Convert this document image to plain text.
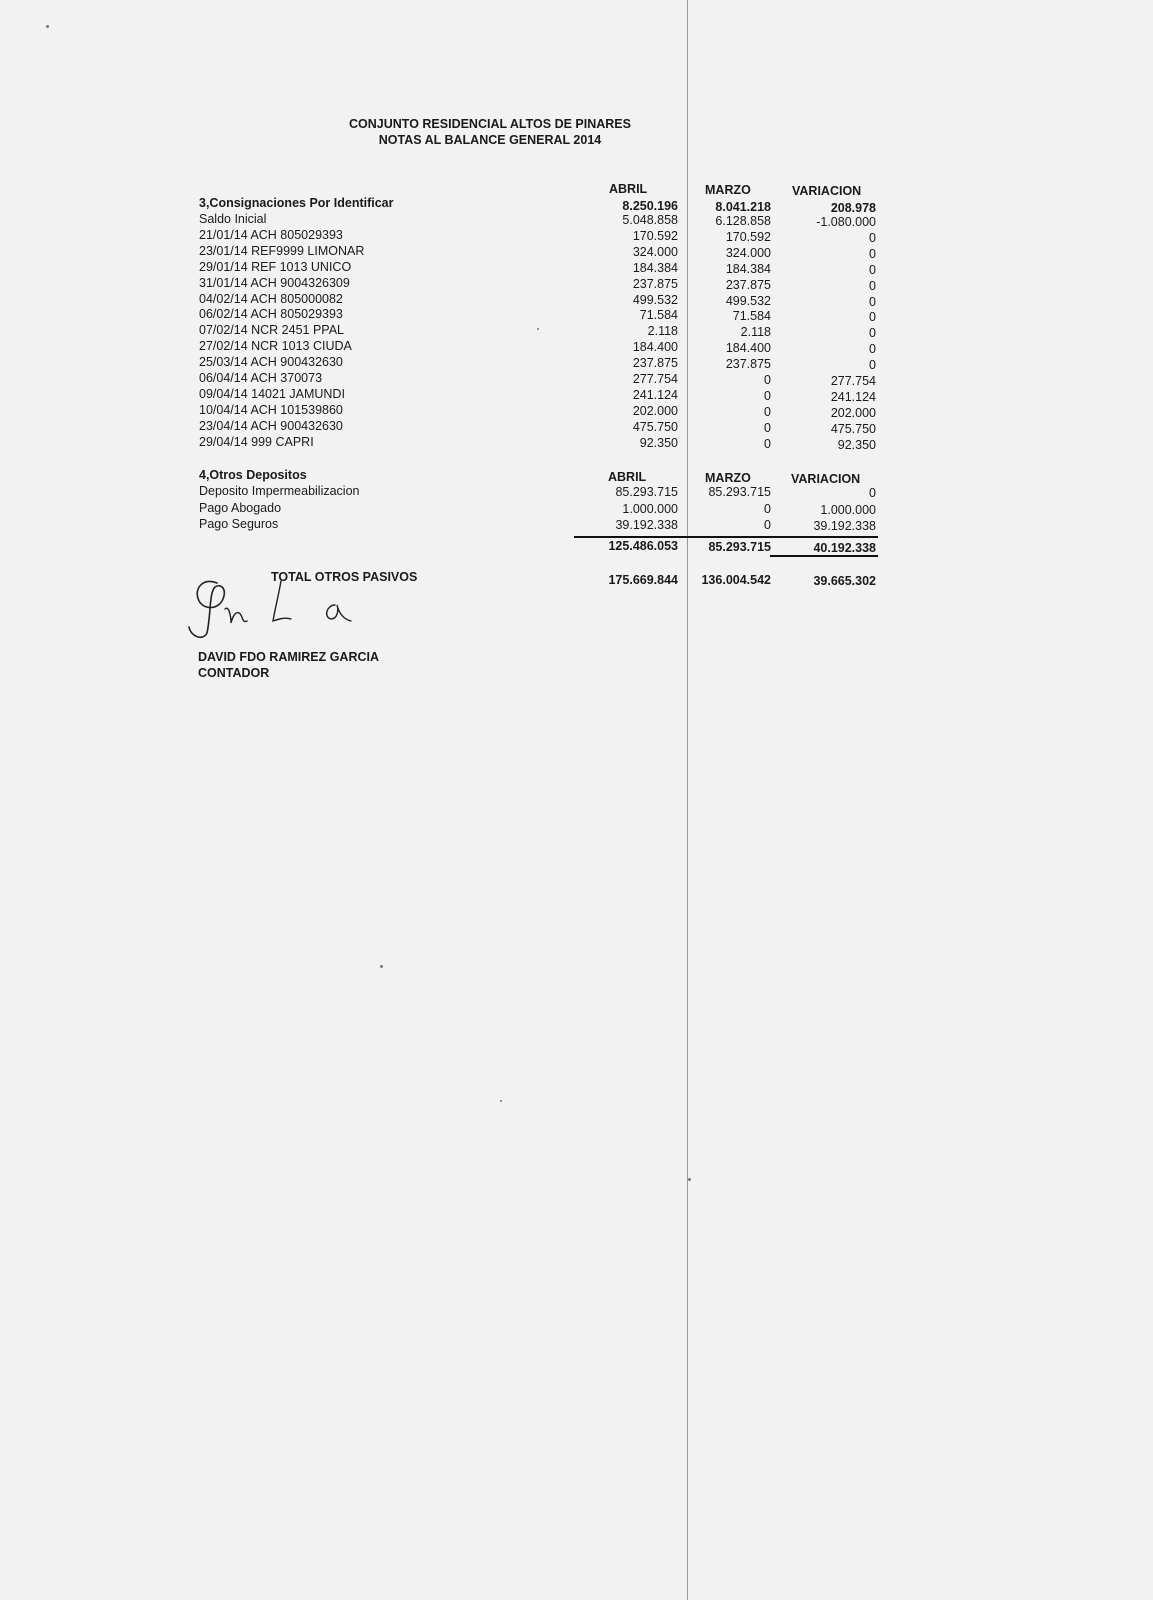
CONJUNTO RESIDENCIAL ALTOS DE PINARES
NOTAS AL BALANCE GENERAL 2014
ABRIL	MARZO	VARIACION
3,Consignaciones Por Identificar	8.250.196	8.041.218	208.978
Saldo Inicial	5.048.858	6.128.858	-1.080.000
21/01/14 ACH 805029393	170.592	170.592	0
23/01/14 REF9999 LIMONAR	324.000	324.000	0
29/01/14 REF 1013 UNICO	184.384	184.384	0
31/01/14 ACH 9004326309	237.875	237.875	0
04/02/14 ACH 805000082	499.532	499.532	0
06/02/14 ACH 805029393	71.584	71.584	0
07/02/14 NCR 2451 PPAL	2.118	2.118	0
27/02/14 NCR 1013 CIUDA	184.400	184.400	0
25/03/14 ACH 900432630	237.875	237.875	0
06/04/14 ACH 370073	277.754	0	277.754
09/04/14 14021 JAMUNDI	241.124	0	241.124
10/04/14 ACH 101539860	202.000	0	202.000
23/04/14 ACH 900432630	475.750	0	475.750
29/04/14 999 CAPRI	92.350	0	92.350
4,Otros Depositos	ABRIL	MARZO	VARIACION
Deposito Impermeabilizacion	85.293.715	85.293.715	0
Pago Abogado	1.000.000	0	1.000.000
Pago Seguros	39.192.338	0	39.192.338
125.486.053	85.293.715	40.192.338
TOTAL OTROS PASIVOS	175.669.844	136.004.542	39.665.302
DAVID FDO RAMIREZ GARCIA
CONTADOR
